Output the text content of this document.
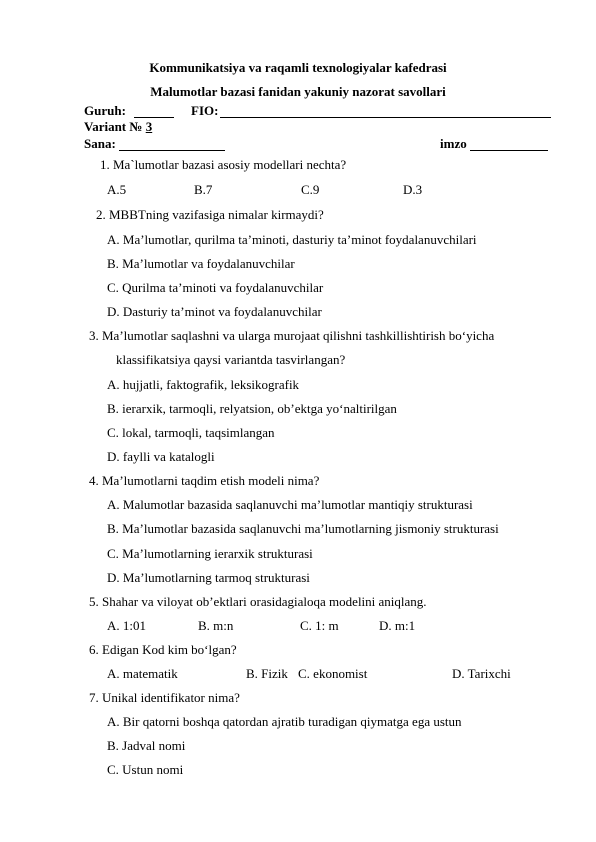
Kommunikatsiya va raqamli texnologiyalar kafedrasi
Malumotlar bazasi fanidan yakuniy nazorat savollari
Guruh:	FIO:
Variant № 3
Sana:	imzo
1. Ma`lumotlar bazasi asosiy modellari nechta?
A.5	B.7	C.9	D.3
2. MBBTning vazifasiga nimalar kirmaydi?
A. Ma’lumotlar, qurilma ta’minoti, dasturiy ta’minot foydalanuvchilari
B. Ma’lumotlar va foydalanuvchilar
C. Qurilma ta’minoti va foydalanuvchilar
D. Dasturiy ta’minot va foydalanuvchilar
3. Ma’lumotlar saqlashni va ularga murojaat qilishni tashkillishtirish bo‘yicha
klassifikatsiya qaysi variantda tasvirlangan?
A. hujjatli, faktografik, leksikografik
B. ierarxik, tarmoqli, relyatsion, ob’ektga yo‘naltirilgan
C. lokal, tarmoqli, taqsimlangan
D. faylli va katalogli
4. Ma’lumotlarni taqdim etish modeli nima?
A. Malumotlar bazasida saqlanuvchi ma’lumotlar mantiqiy strukturasi
B. Ma’lumotlar bazasida saqlanuvchi ma’lumotlarning jismoniy strukturasi
C. Ma’lumotlarning ierarxik strukturasi
D. Ma’lumotlarning tarmoq strukturasi
5. Shahar va viloyat ob’ektlari orasidagialoqa modelini aniqlang.
A. 1:01	B. m:n	C. 1: m	D. m:1
6. Edigan Kod kim bo‘lgan?
A. matematik	B. Fizik C. ekonomist	D. Tarixchi
7. Unikal identifikator nima?
A. Bir qatorni boshqa qatordan ajratib turadigan qiymatga ega ustun
B. Jadval nomi
C. Ustun nomi
